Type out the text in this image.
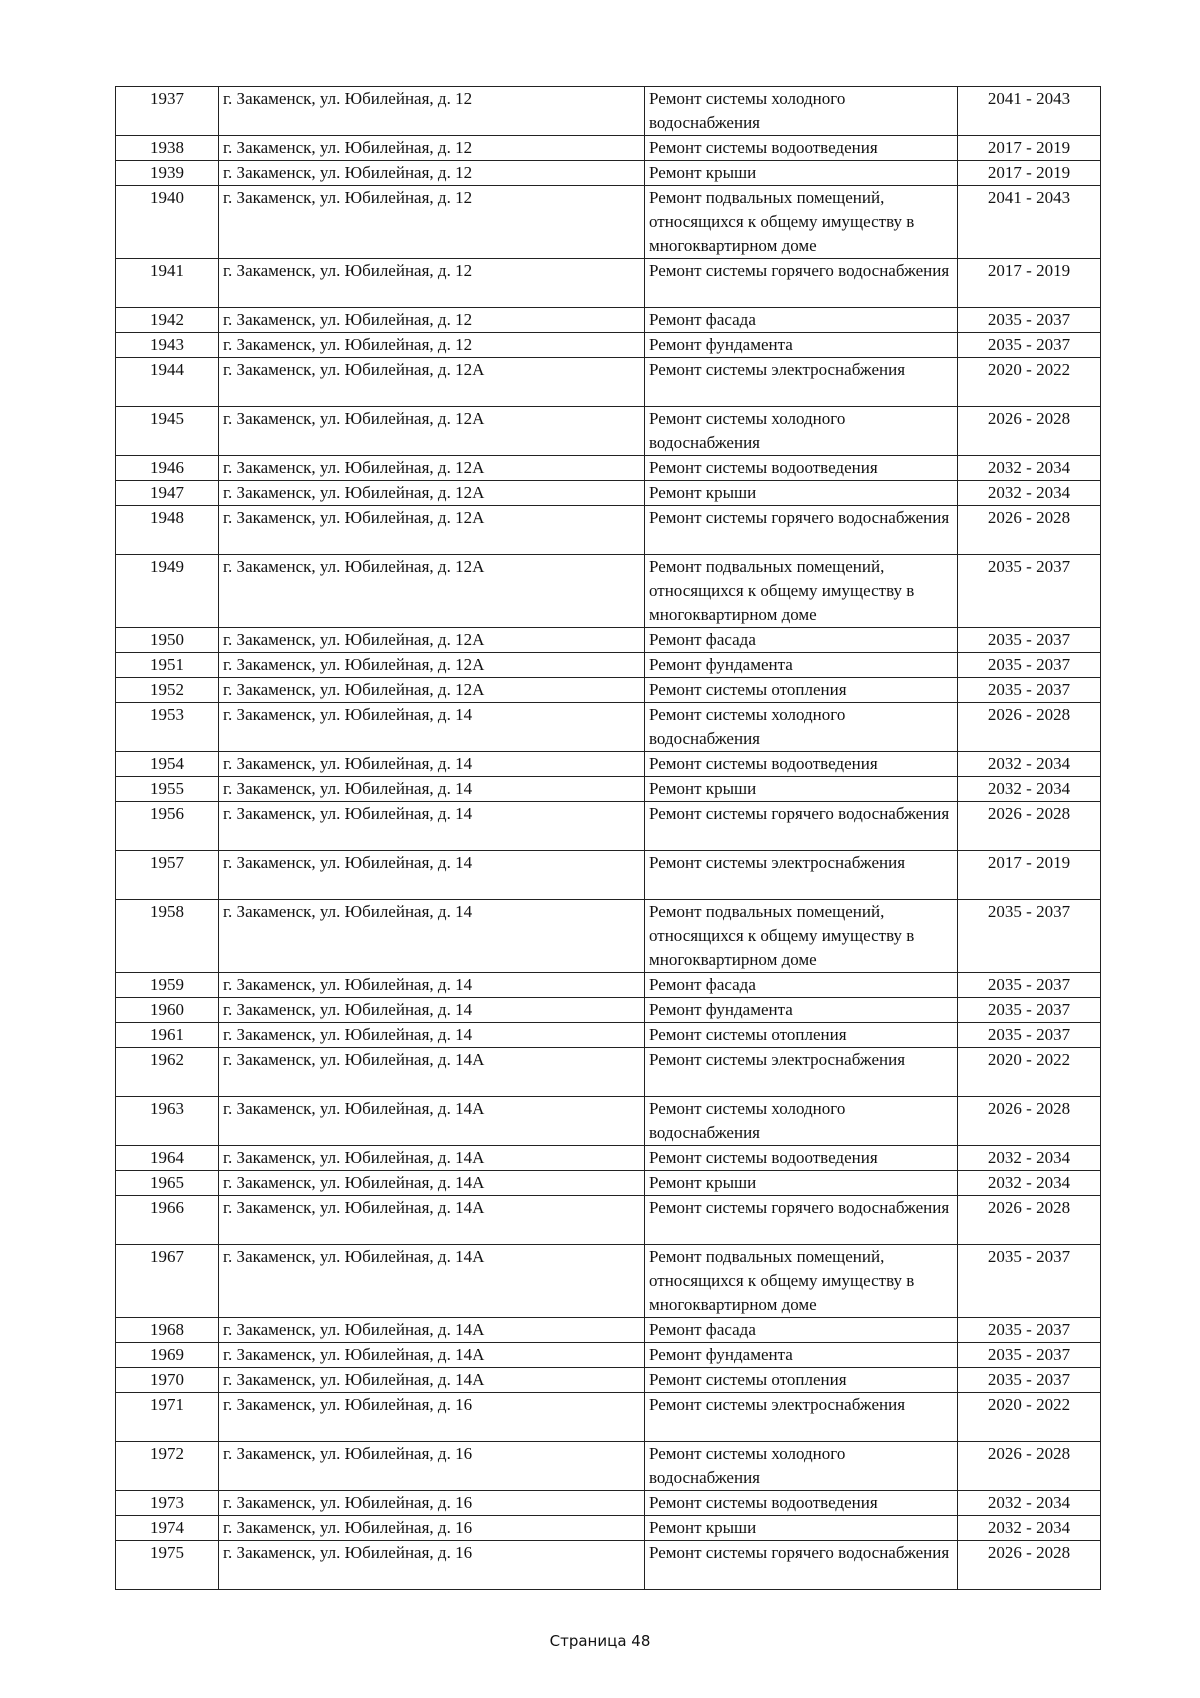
1937	г. Закаменск, ул. Юбилейная, д. 12	Ремонт системы холодного водоснабжения	2041 - 2043
1938	г. Закаменск, ул. Юбилейная, д. 12	Ремонт системы водоотведения	2017 - 2019
1939	г. Закаменск, ул. Юбилейная, д. 12	Ремонт крыши	2017 - 2019
1940	г. Закаменск, ул. Юбилейная, д. 12	Ремонт подвальных помещений, относящихся к общему имуществу в многоквартирном доме	2041 - 2043
1941	г. Закаменск, ул. Юбилейная, д. 12	Ремонт системы горячего водоснабжения	2017 - 2019
1942	г. Закаменск, ул. Юбилейная, д. 12	Ремонт фасада	2035 - 2037
1943	г. Закаменск, ул. Юбилейная, д. 12	Ремонт фундамента	2035 - 2037
1944	г. Закаменск, ул. Юбилейная, д. 12А	Ремонт системы электроснабжения	2020 - 2022
1945	г. Закаменск, ул. Юбилейная, д. 12А	Ремонт системы холодного водоснабжения	2026 - 2028
1946	г. Закаменск, ул. Юбилейная, д. 12А	Ремонт системы водоотведения	2032 - 2034
1947	г. Закаменск, ул. Юбилейная, д. 12А	Ремонт крыши	2032 - 2034
1948	г. Закаменск, ул. Юбилейная, д. 12А	Ремонт системы горячего водоснабжения	2026 - 2028
1949	г. Закаменск, ул. Юбилейная, д. 12А	Ремонт подвальных помещений, относящихся к общему имуществу в многоквартирном доме	2035 - 2037
1950	г. Закаменск, ул. Юбилейная, д. 12А	Ремонт фасада	2035 - 2037
1951	г. Закаменск, ул. Юбилейная, д. 12А	Ремонт фундамента	2035 - 2037
1952	г. Закаменск, ул. Юбилейная, д. 12А	Ремонт системы отопления	2035 - 2037
1953	г. Закаменск, ул. Юбилейная, д. 14	Ремонт системы холодного водоснабжения	2026 - 2028
1954	г. Закаменск, ул. Юбилейная, д. 14	Ремонт системы водоотведения	2032 - 2034
1955	г. Закаменск, ул. Юбилейная, д. 14	Ремонт крыши	2032 - 2034
1956	г. Закаменск, ул. Юбилейная, д. 14	Ремонт системы горячего водоснабжения	2026 - 2028
1957	г. Закаменск, ул. Юбилейная, д. 14	Ремонт системы электроснабжения	2017 - 2019
1958	г. Закаменск, ул. Юбилейная, д. 14	Ремонт подвальных помещений, относящихся к общему имуществу в многоквартирном доме	2035 - 2037
1959	г. Закаменск, ул. Юбилейная, д. 14	Ремонт фасада	2035 - 2037
1960	г. Закаменск, ул. Юбилейная, д. 14	Ремонт фундамента	2035 - 2037
1961	г. Закаменск, ул. Юбилейная, д. 14	Ремонт системы отопления	2035 - 2037
1962	г. Закаменск, ул. Юбилейная, д. 14А	Ремонт системы электроснабжения	2020 - 2022
1963	г. Закаменск, ул. Юбилейная, д. 14А	Ремонт системы холодного водоснабжения	2026 - 2028
1964	г. Закаменск, ул. Юбилейная, д. 14А	Ремонт системы водоотведения	2032 - 2034
1965	г. Закаменск, ул. Юбилейная, д. 14А	Ремонт крыши	2032 - 2034
1966	г. Закаменск, ул. Юбилейная, д. 14А	Ремонт системы горячего водоснабжения	2026 - 2028
1967	г. Закаменск, ул. Юбилейная, д. 14А	Ремонт подвальных помещений, относящихся к общему имуществу в многоквартирном доме	2035 - 2037
1968	г. Закаменск, ул. Юбилейная, д. 14А	Ремонт фасада	2035 - 2037
1969	г. Закаменск, ул. Юбилейная, д. 14А	Ремонт фундамента	2035 - 2037
1970	г. Закаменск, ул. Юбилейная, д. 14А	Ремонт системы отопления	2035 - 2037
1971	г. Закаменск, ул. Юбилейная, д. 16	Ремонт системы электроснабжения	2020 - 2022
1972	г. Закаменск, ул. Юбилейная, д. 16	Ремонт системы холодного водоснабжения	2026 - 2028
1973	г. Закаменск, ул. Юбилейная, д. 16	Ремонт системы водоотведения	2032 - 2034
1974	г. Закаменск, ул. Юбилейная, д. 16	Ремонт крыши	2032 - 2034
1975	г. Закаменск, ул. Юбилейная, д. 16	Ремонт системы горячего водоснабжения	2026 - 2028
Страница 48
